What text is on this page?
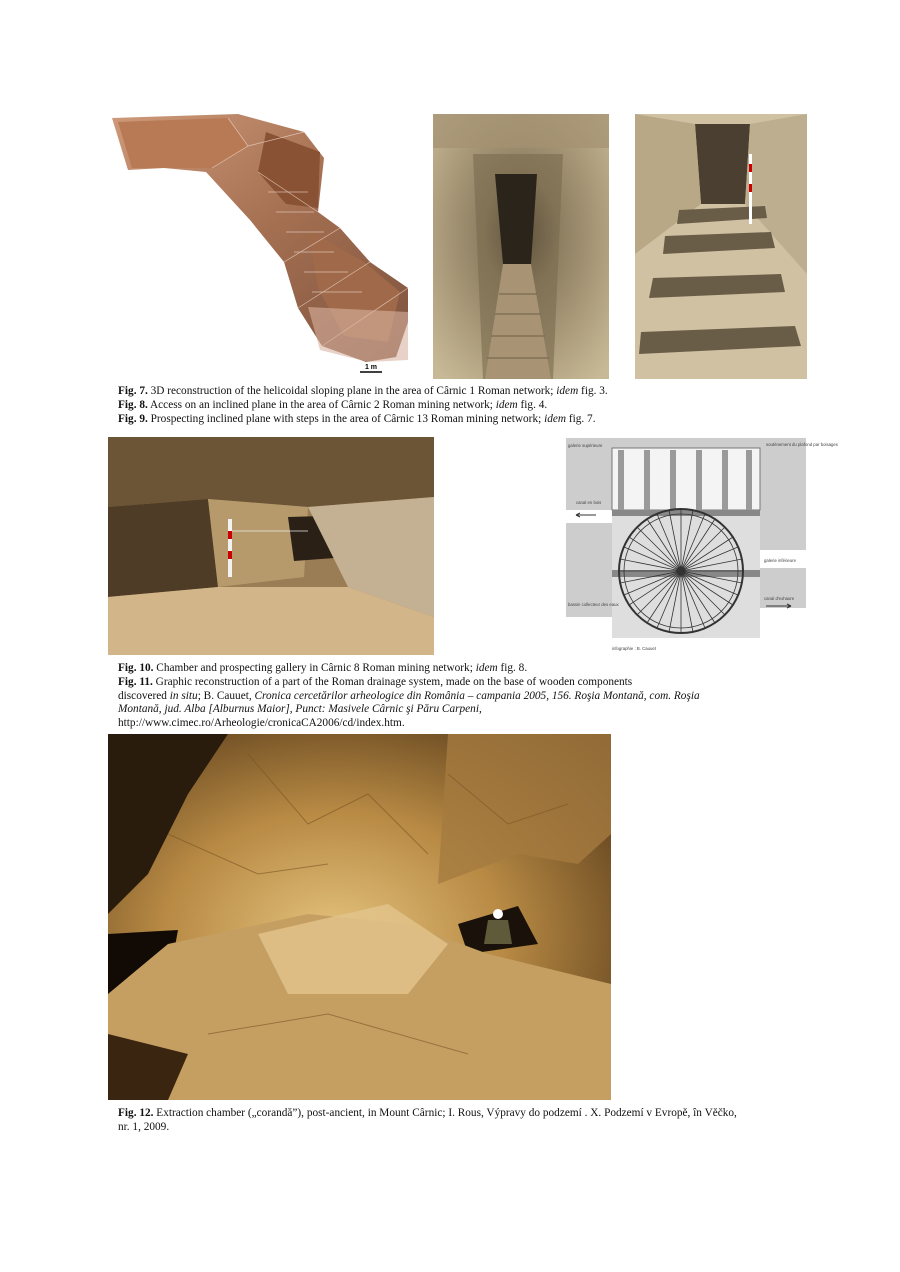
1 m
Fig. 7. 3D reconstruction of the helicoidal sloping plane in the area of Cârnic 1 Roman network; idem fig. 3.
Fig. 8. Access on an inclined plane in the area of Cârnic 2 Roman mining network; idem fig. 4.
Fig. 9. Prospecting inclined plane with steps in the area of Cârnic 13 Roman mining network; idem fig. 7.
galerie supérieure	soutènement du plafond par boisages
canal en bois
galerie inférieure
canal d'exhaure
bassin collecteur des eaux
infographie : B. Cauuet
Fig. 10. Chamber and prospecting gallery in Cârnic 8 Roman mining network; idem fig. 8.
Fig. 11. Graphic reconstruction of a part of the Roman drainage system, made on the base of wooden components
discovered in situ; B. Cauuet, Cronica cercetărilor arheologice din România – campania 2005, 156. Roşia Montană, com. Roşia
Montană, jud. Alba [Alburnus Maior], Punct: Masivele Cârnic şi Păru Carpeni,
http://www.cimec.ro/Arheologie/cronicaCA2006/cd/index.htm.
Fig. 12. Extraction chamber („corandă”), post-ancient, in Mount Cârnic; I. Rous, Výpravy do podzemí . X. Podzemí v Evropě, în Věčko,
nr. 1, 2009.
